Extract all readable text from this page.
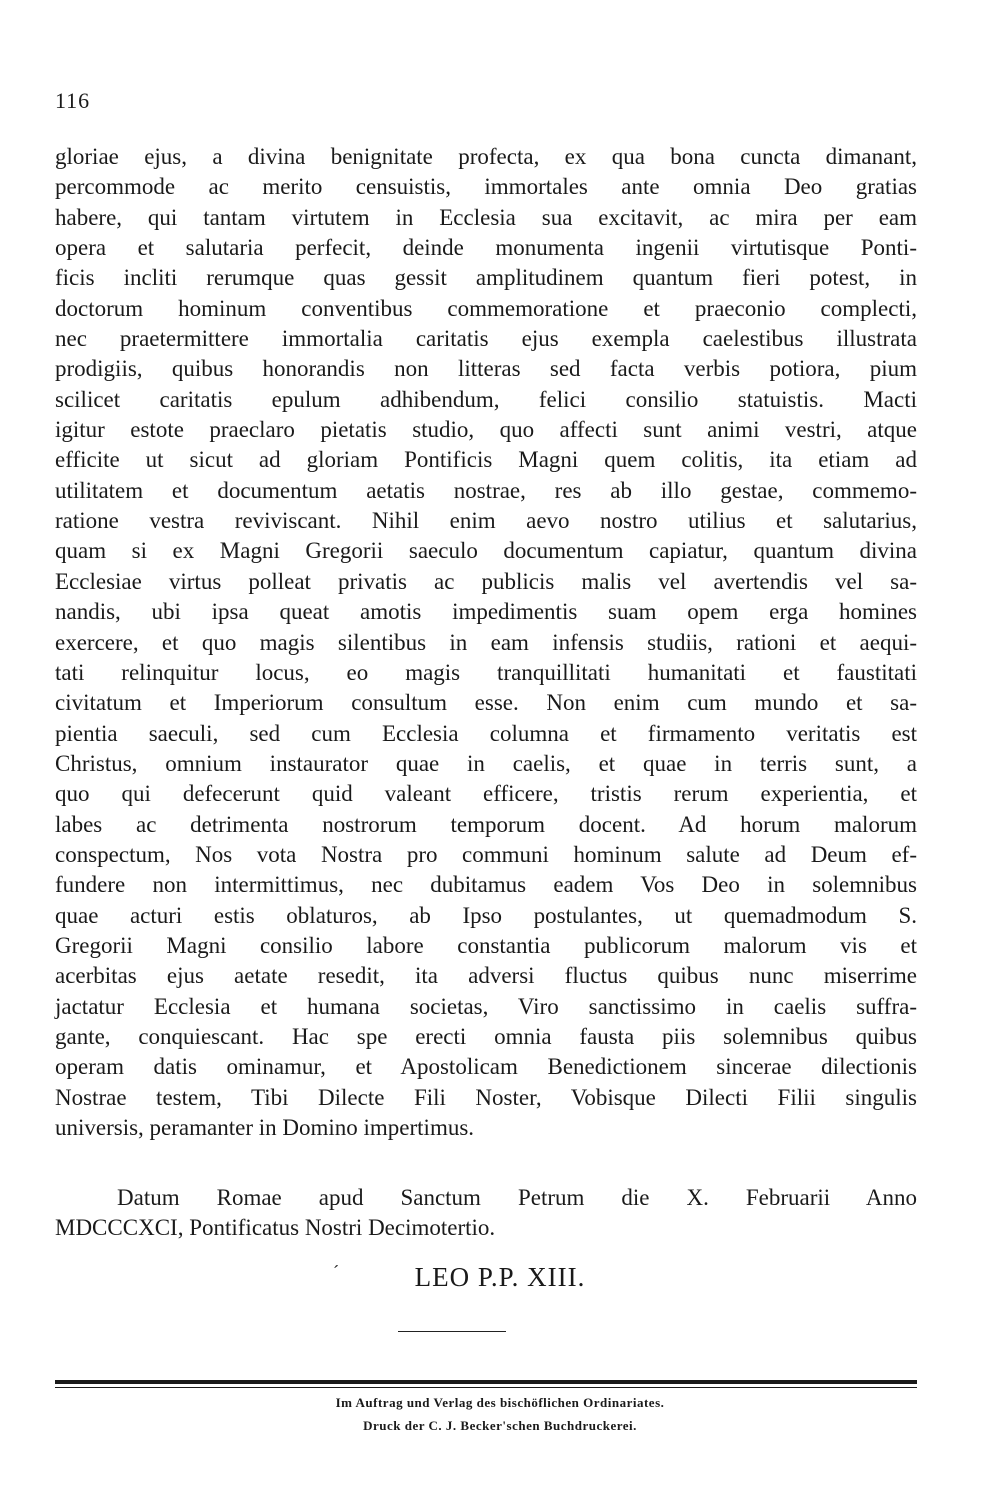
116
gloriae ejus, a divina benignitate profecta, ex qua bona cuncta dimanant,
percommode ac merito censuistis, immortales ante omnia Deo gratias
habere, qui tantam virtutem in Ecclesia sua excitavit, ac mira per eam
opera et salutaria perfecit, deinde monumenta ingenii virtutisque Ponti-
ficis incliti rerumque quas gessit amplitudinem quantum fieri potest, in
doctorum hominum conventibus commemoratione et praeconio complecti,
nec praetermittere immortalia caritatis ejus exempla caelestibus illustrata
prodigiis, quibus honorandis non litteras sed facta verbis potiora, pium
scilicet caritatis epulum adhibendum, felici consilio statuistis. Macti
igitur estote praeclaro pietatis studio, quo affecti sunt animi vestri, atque
efficite ut sicut ad gloriam Pontificis Magni quem colitis, ita etiam ad
utilitatem et documentum aetatis nostrae, res ab illo gestae, commemo-
ratione vestra reviviscant. Nihil enim aevo nostro utilius et salutarius,
quam si ex Magni Gregorii saeculo documentum capiatur, quantum divina
Ecclesiae virtus polleat privatis ac publicis malis vel avertendis vel sa-
nandis, ubi ipsa queat amotis impedimentis suam opem erga homines
exercere, et quo magis silentibus in eam infensis studiis, rationi et aequi-
tati relinquitur locus, eo magis tranquillitati humanitati et faustitati
civitatum et Imperiorum consultum esse. Non enim cum mundo et sa-
pientia saeculi, sed cum Ecclesia columna et firmamento veritatis est
Christus, omnium instaurator quae in caelis, et quae in terris sunt, a
quo qui defecerunt quid valeant efficere, tristis rerum experientia, et
labes ac detrimenta nostrorum temporum docent. Ad horum malorum
conspectum, Nos vota Nostra pro communi hominum salute ad Deum ef-
fundere non intermittimus, nec dubitamus eadem Vos Deo in solemnibus
quae acturi estis oblaturos, ab Ipso postulantes, ut quemadmodum S.
Gregorii Magni consilio labore constantia publicorum malorum vis et
acerbitas ejus aetate resedit, ita adversi fluctus quibus nunc miserrime
jactatur Ecclesia et humana societas, Viro sanctissimo in caelis suffra-
gante, conquiescant. Hac spe erecti omnia fausta piis solemnibus quibus
operam datis ominamur, et Apostolicam Benedictionem sincerae dilectionis
Nostrae testem, Tibi Dilecte Fili Noster, Vobisque Dilecti Filii singulis
universis, peramanter in Domino impertimus.
Datum Romae apud Sanctum Petrum die X. Februarii Anno
MDCCCXCI, Pontificatus Nostri Decimotertio.
ˊ	LEO P.P. XIII.
Im Auftrag und Verlag des bischöflichen Ordinariates.
Druck der C. J. Becker'schen Buchdruckerei.
